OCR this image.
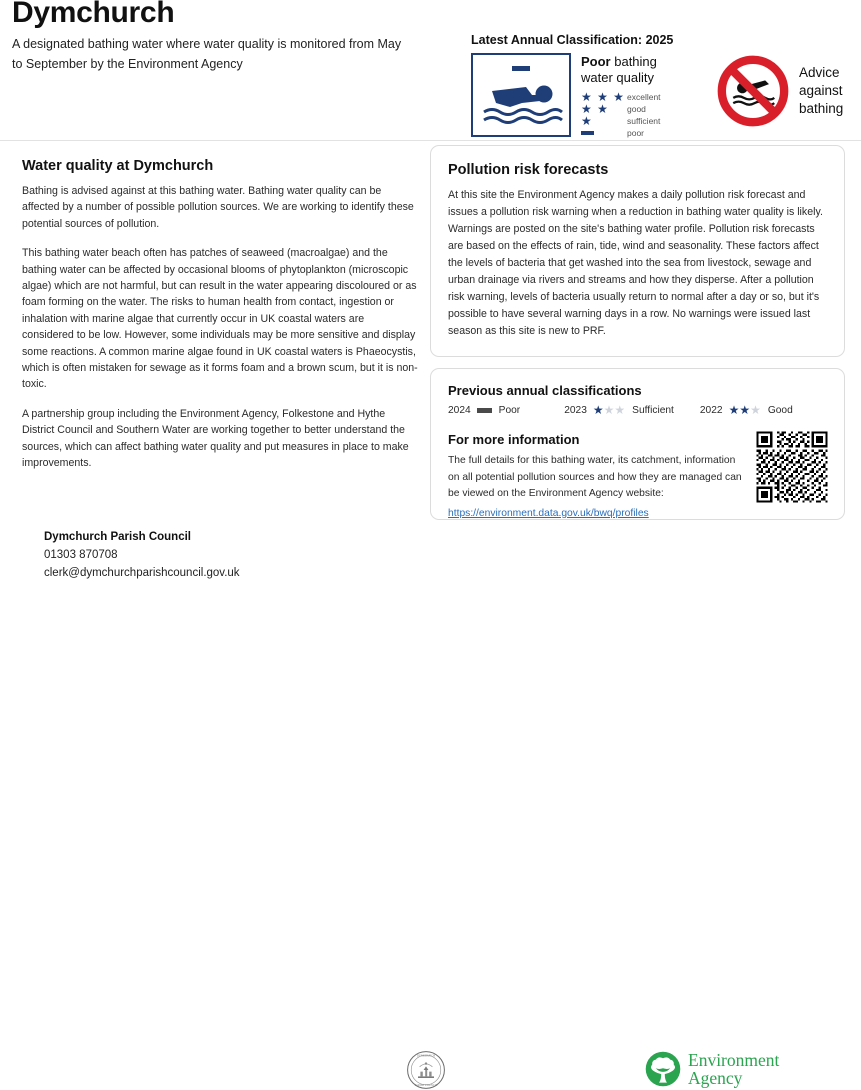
Dymchurch
A designated bathing water where water quality is monitored from May to September by the Environment Agency
Latest Annual Classification: 2025
Poor bathing
water quality
★ ★ ★ excellent
★ ★	good
★	sufficient
poor
Advice
against
bathing
Water quality at Dymchurch

Bathing is advised against at this bathing water. Bathing water quality can be affected by a number of possible pollution sources. We are working to identify these potential sources of pollution.

This bathing water beach often has patches of seaweed (macroalgae) and the bathing water can be affected by occasional blooms of phytoplankton (microscopic algae) which are not harmful, but can result in the water appearing discoloured or as foam forming on the water. The risks to human health from contact, ingestion or inhalation with marine algae that currently occur in UK coastal waters are considered to be low. However, some individuals may be more sensitive and display some reactions. A common marine algae found in UK coastal waters is Phaeocystis, which is often mistaken for sewage as it forms foam and a brown scum, but it is non-toxic.

A partnership group including the Environment Agency, Folkestone and Hythe District Council and Southern Water are working together to better understand the sources, which can affect bathing water quality and put measures in place to make improvements.

Pollution risk forecasts

At this site the Environment Agency makes a daily pollution risk forecast and issues a pollution risk warning when a reduction in bathing water quality is likely. Warnings are posted on the site's bathing water profile. Pollution risk forecasts are based on the effects of rain, tide, wind and seasonality. These factors affect the levels of bacteria that get washed into the sea from livestock, sewage and urban drainage via rivers and streams and how they disperse. After a pollution risk warning, levels of bacteria usually return to normal after a day or so, but it's possible to have several warning days in a row. No warnings were issued last season as this site is new to PRF.

Previous annual classifications
2024	Poor	2023 ★★★ Sufficient	2022 ★★★ Good
For more information
The full details for this bathing water, its catchment, information on all potential pollution sources and how they are managed can be viewed on the Environment Agency website:
https://environment.data.gov.uk/bwq/profiles
Dymchurch Parish Council
01303 870708
clerk@dymchurchparishcouncil.gov.uk
DYMCHURCH
PARISH COUNCIL
Environment
Agency
